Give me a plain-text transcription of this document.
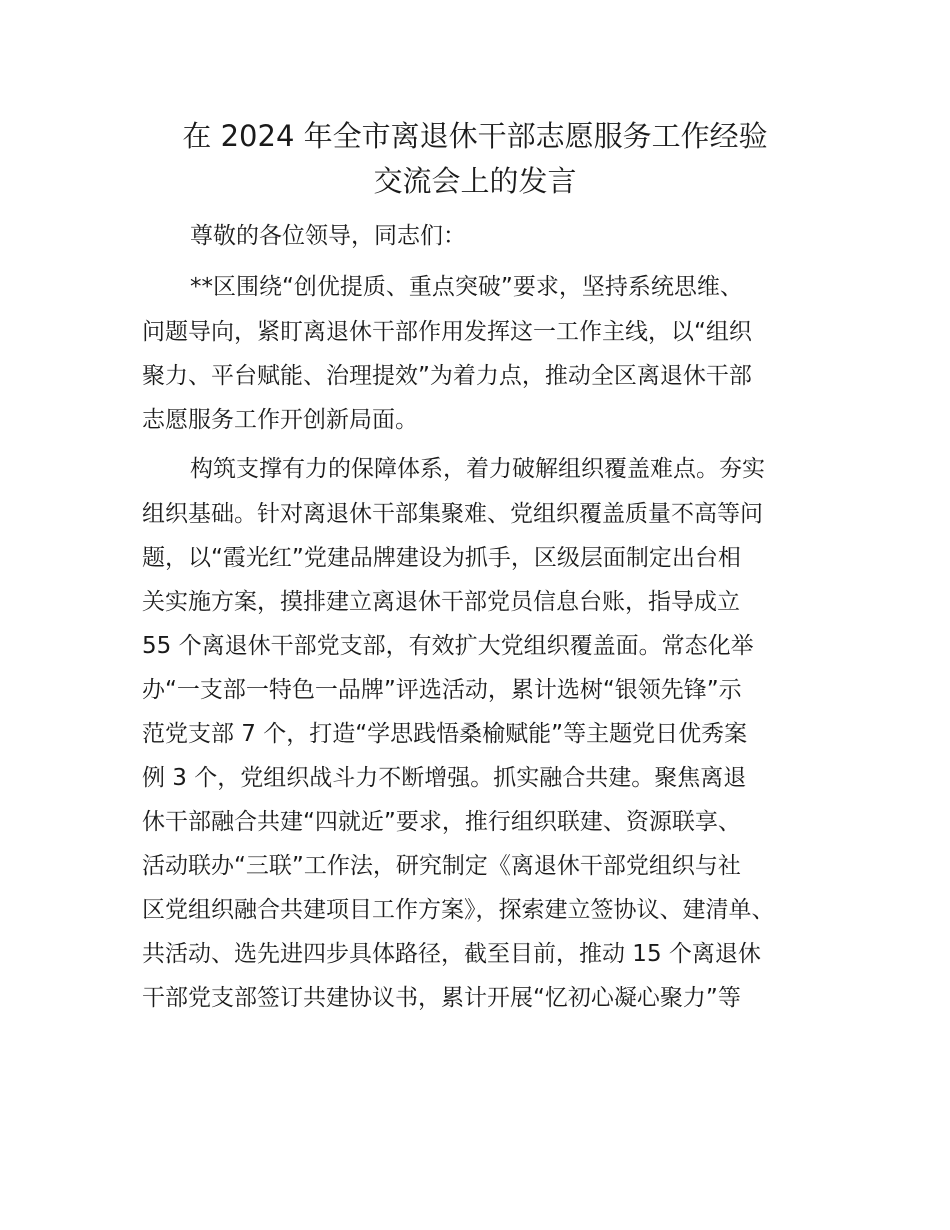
在 2024 年全市离退休干部志愿服务工作经验
交流会上的发言

尊敬的各位领导，同志们：

**区围绕“创优提质、重点突破”要求，坚持系统思维、

问题导向，紧盯离退休干部作用发挥这一工作主线，以“组织

聚力、平台赋能、治理提效”为着力点，推动全区离退休干部

志愿服务工作开创新局面。

构筑支撑有力的保障体系，着力破解组织覆盖难点。夯实

组织基础。针对离退休干部集聚难、党组织覆盖质量不高等问

题，以“霞光红”党建品牌建设为抓手，区级层面制定出台相

关实施方案，摸排建立离退休干部党员信息台账，指导成立

55 个离退休干部党支部，有效扩大党组织覆盖面。常态化举

办“一支部一特色一品牌”评选活动，累计选树“银领先锋”示

范党支部 7 个，打造“学思践悟桑榆赋能”等主题党日优秀案

例 3 个，党组织战斗力不断增强。抓实融合共建。聚焦离退

休干部融合共建“四就近”要求，推行组织联建、资源联享、

活动联办“三联”工作法，研究制定《离退休干部党组织与社

区党组织融合共建项目工作方案》，探索建立签协议、建清单、

共活动、选先进四步具体路径，截至目前，推动 15 个离退休

干部党支部签订共建协议书，累计开展“忆初心凝心聚力”等
